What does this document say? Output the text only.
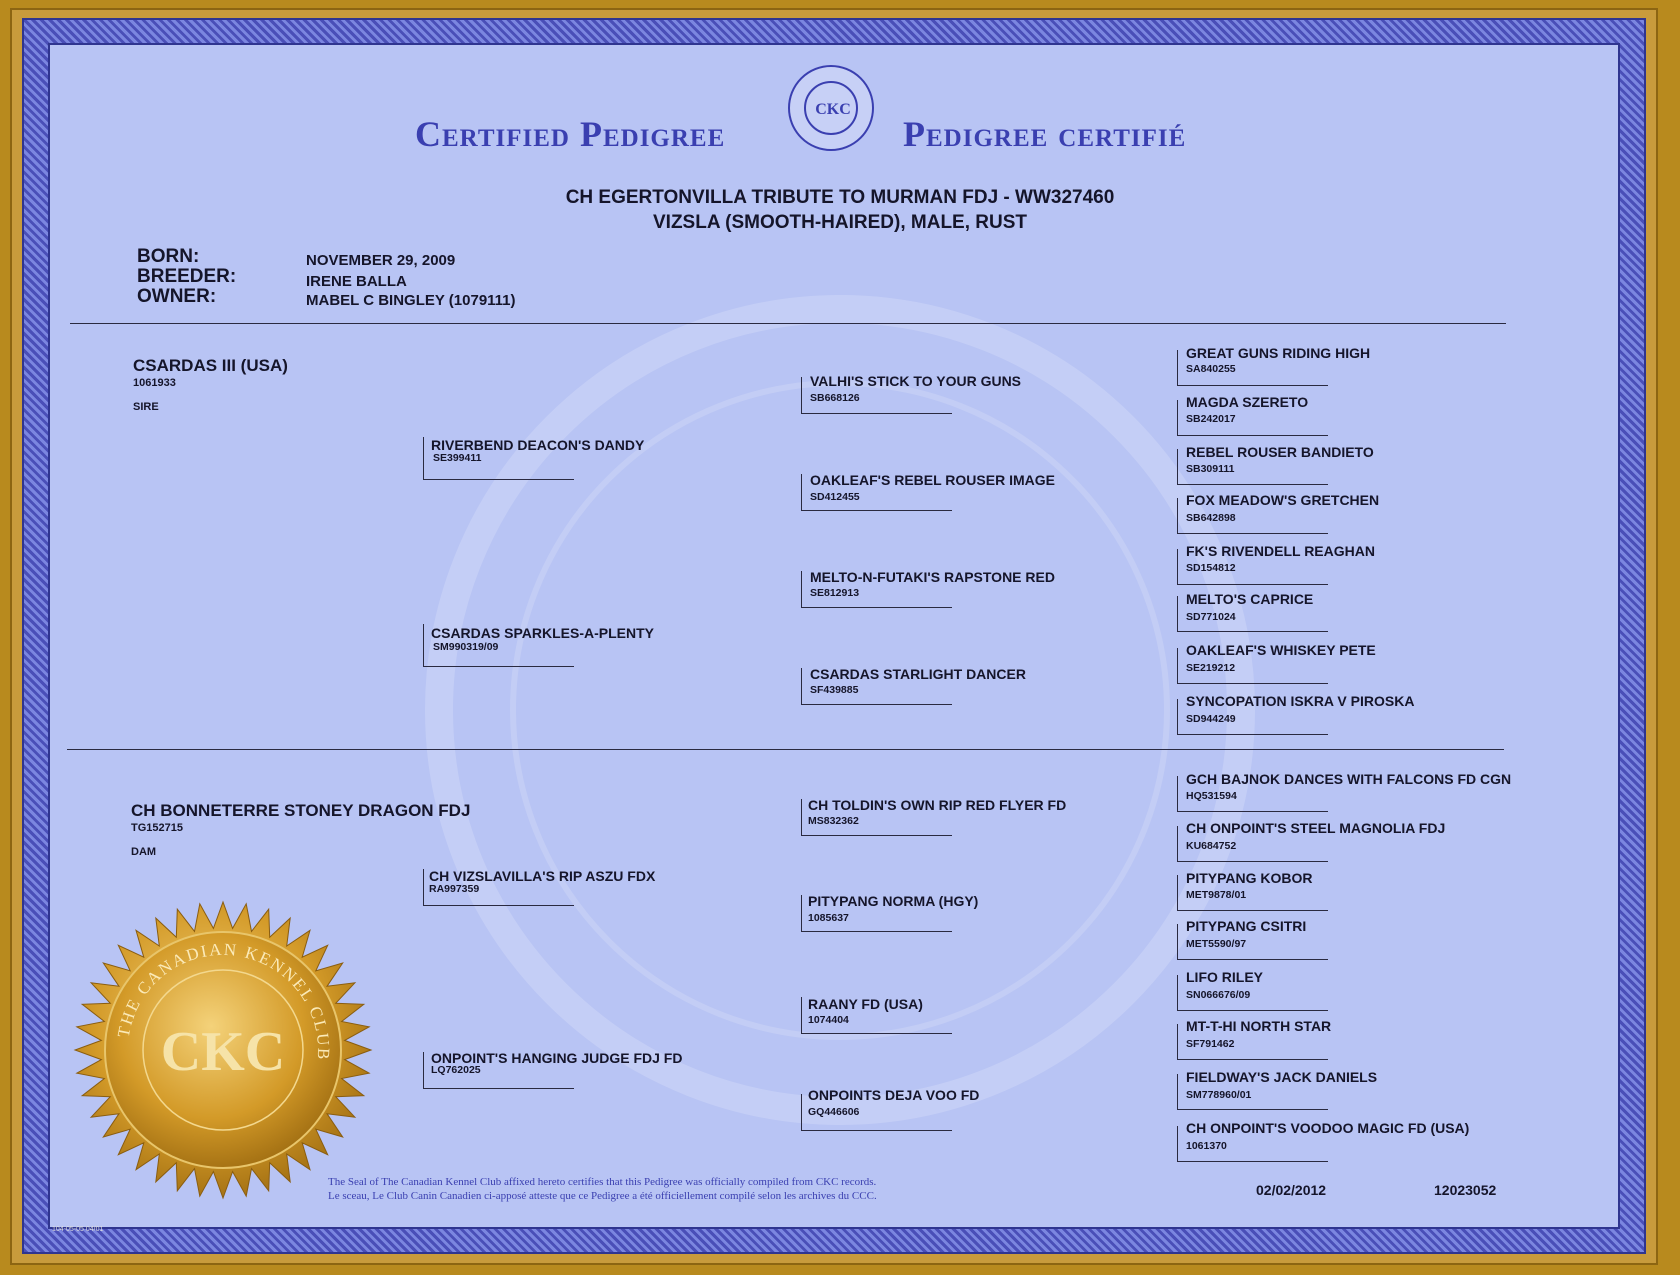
Certified Pedigree
CKC
Pedigree certifié
CH EGERTONVILLA TRIBUTE TO MURMAN FDJ - WW327460
VIZSLA (SMOOTH-HAIRED), MALE, RUST
BORN:
BREEDER:
OWNER:
NOVEMBER 29, 2009
IRENE BALLA
MABEL C BINGLEY (1079111)
CSARDAS III (USA)
1061933
SIRE
CH BONNETERRE STONEY DRAGON FDJ
TG152715
DAM
RIVERBEND DEACON'S DANDY
SE399411
CSARDAS SPARKLES-A-PLENTY
SM990319/09
CH VIZSLAVILLA'S RIP ASZU FDX
RA997359
ONPOINT'S HANGING JUDGE FDJ FD
LQ762025
VALHI'S STICK TO YOUR GUNS
SB668126
OAKLEAF'S REBEL ROUSER IMAGE
SD412455
MELTO-N-FUTAKI'S RAPSTONE RED
SE812913
CSARDAS STARLIGHT DANCER
SF439885
CH TOLDIN'S OWN RIP RED FLYER FD
MS832362
PITYPANG NORMA (HGY)
1085637
RAANY FD (USA)
1074404
ONPOINTS DEJA VOO FD
GQ446606
GREAT GUNS RIDING HIGH
SA840255
MAGDA SZERETO
SB242017
REBEL ROUSER BANDIETO
SB309111
FOX MEADOW'S GRETCHEN
SB642898
FK'S RIVENDELL REAGHAN
SD154812
MELTO'S CAPRICE
SD771024
OAKLEAF'S WHISKEY PETE
SE219212
SYNCOPATION ISKRA V PIROSKA
SD944249
GCH BAJNOK DANCES WITH FALCONS FD CGN
HQ531594
CH ONPOINT'S STEEL MAGNOLIA FDJ
KU684752
PITYPANG KOBOR
MET9878/01
PITYPANG CSITRI
MET5590/97
LIFO RILEY
SN066676/09
MT-T-HI NORTH STAR
SF791462
FIELDWAY'S JACK DANIELS
SM778960/01
CH ONPOINT'S VOODOO MAGIC FD (USA)
1061370
THE CANADIAN KENNEL CLUB
CKC
The Seal of The Canadian Kennel Club affixed hereto certifies that this Pedigree was officially compiled from CKC records.
Le sceau, Le Club Canin Canadien ci-apposé atteste que ce Pedigree a été officiellement compilé selon les archives du CCC.	02/02/2012	12023052
104-05-05 04/01
